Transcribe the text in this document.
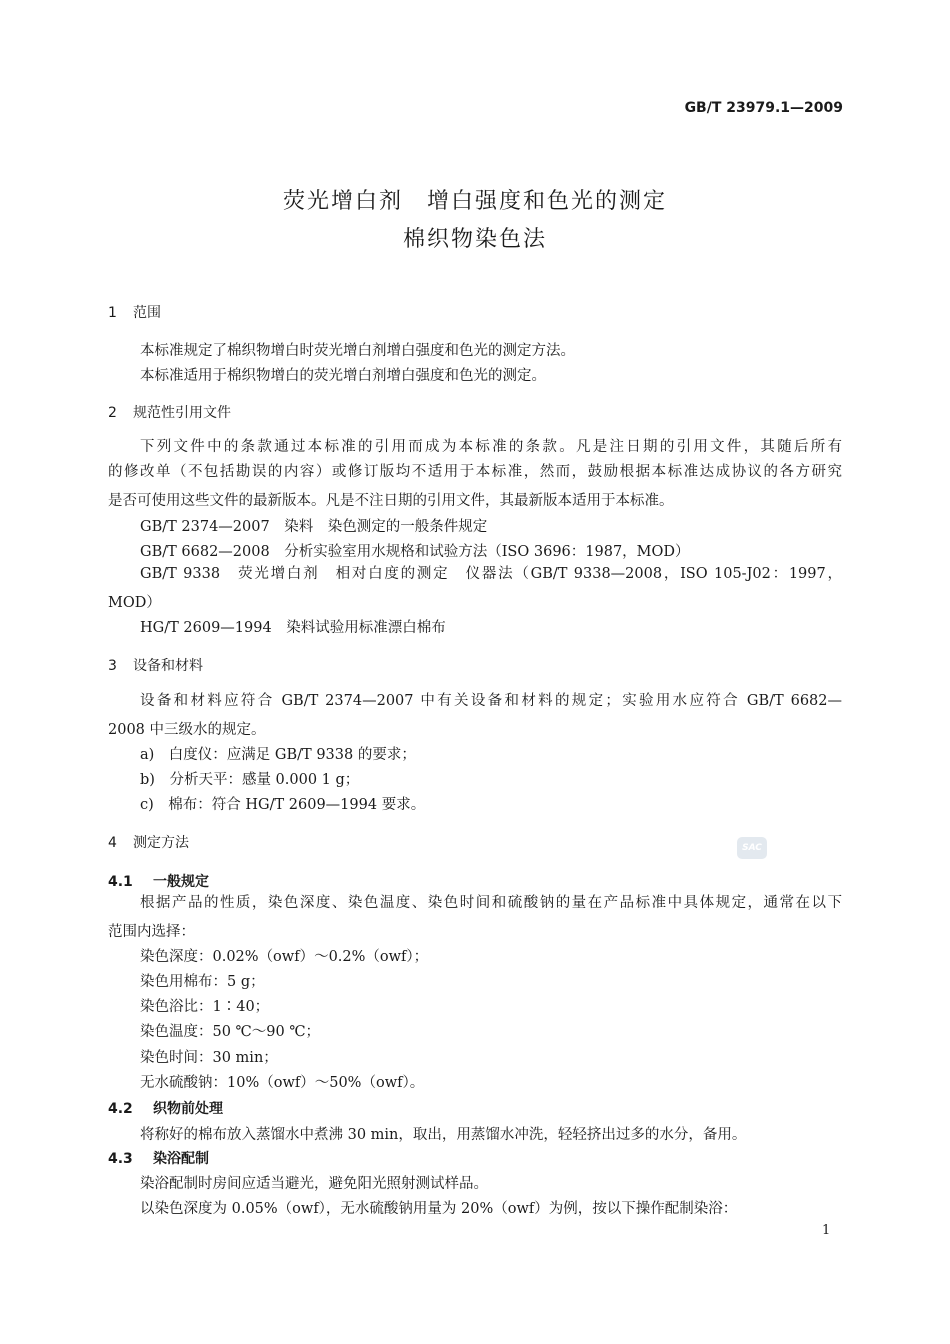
GB/T 23979.1—2009
荧光增白剂　增白强度和色光的测定
棉织物染色法
1 范围
本标准规定了棉织物增白时荧光增白剂增白强度和色光的测定方法。
本标准适用于棉织物增白的荧光增白剂增白强度和色光的测定。
2 规范性引用文件
下列文件中的条款通过本标准的引用而成为本标准的条款。凡是注日期的引用文件，其随后所有
的修改单（不包括勘误的内容）或修订版均不适用于本标准，然而，鼓励根据本标准达成协议的各方研究
是否可使用这些文件的最新版本。凡是不注日期的引用文件，其最新版本适用于本标准。
GB/T 2374—2007　染料　染色测定的一般条件规定
GB/T 6682—2008　分析实验室用水规格和试验方法（ISO 3696：1987，MOD）
GB/T 9338　荧光增白剂　相对白度的测定　仪器法（GB/T 9338—2008，ISO 105-J02：1997，
MOD）
HG/T 2609—1994　染料试验用标准漂白棉布
3 设备和材料
设备和材料应符合 GB/T 2374—2007 中有关设备和材料的规定；实验用水应符合 GB/T 6682—
2008 中三级水的规定。
a)　白度仪：应满足 GB/T 9338 的要求；
b)　分析天平：感量 0.000 1 g；
c)　棉布：符合 HG/T 2609—1994 要求。
4 测定方法	SAC
4.1 一般规定
根据产品的性质，染色深度、染色温度、染色时间和硫酸钠的量在产品标准中具体规定，通常在以下
范围内选择：
染色深度：0.02%（owf）～0.2%（owf）；
染色用棉布：5 g；
染色浴比：1∶40；
染色温度：50 ℃～90 ℃；
染色时间：30 min；
无水硫酸钠：10%（owf）～50%（owf）。
4.2 织物前处理
将称好的棉布放入蒸馏水中煮沸 30 min，取出，用蒸馏水冲洗，轻轻挤出过多的水分，备用。
4.3 染浴配制
染浴配制时房间应适当避光，避免阳光照射测试样品。
以染色深度为 0.05%（owf），无水硫酸钠用量为 20%（owf）为例，按以下操作配制染浴：
1
